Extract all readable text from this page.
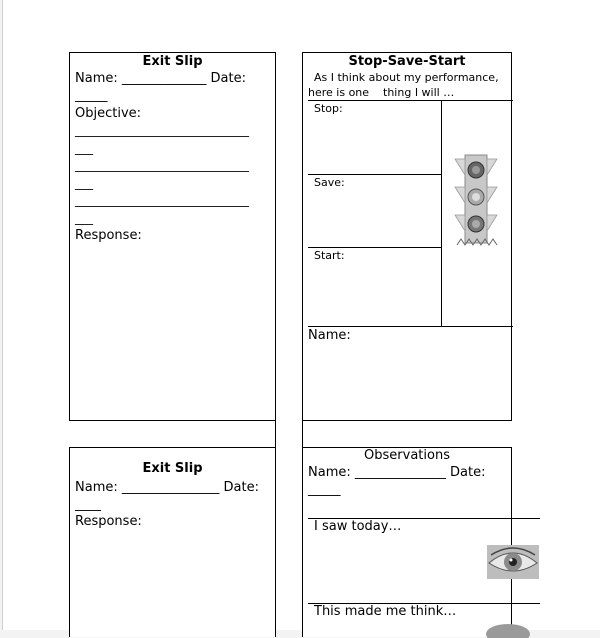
Exit Slip
Name: _____________ Date:
_____
Objective:
_____________________________
___
_____________________________
___
_____________________________
___
Response:
Stop-Save-Start
As I think about my performance,
here is one    thing I will …
Stop:
Save:
Start:
Name:
Exit Slip
Name: _______________ Date:
____
Response:
Observations
Name: ______________ Date:
_____
I saw today…
This made me think…
